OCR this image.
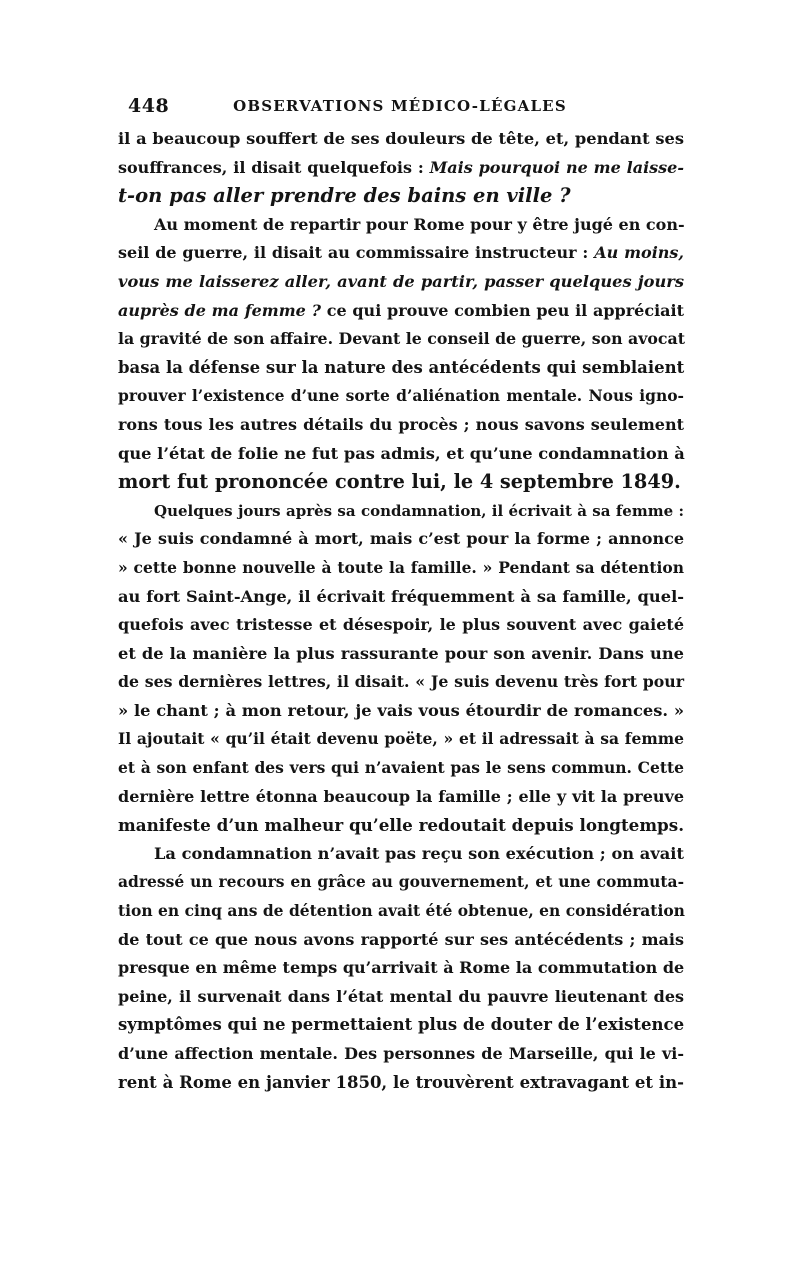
448	OBSERVATIONS MÉDICO-LÉGALES
il a beaucoup souffert de ses douleurs de tête, et, pendant ses
souffrances, il disait quelquefois : Mais pourquoi ne me laisse-
t-on pas aller prendre des bains en ville ?
Au moment de repartir pour Rome pour y être jugé en con-
seil de guerre, il disait au commissaire instructeur : Au moins,
vous me laisserez aller, avant de partir, passer quelques jours
auprès de ma femme ? ce qui prouve combien peu il appréciait
la gravité de son affaire. Devant le conseil de guerre, son avocat
basa la défense sur la nature des antécédents qui semblaient
prouver l’existence d’une sorte d’aliénation mentale. Nous igno-
rons tous les autres détails du procès ; nous savons seulement
que l’état de folie ne fut pas admis, et qu’une condamnation à
mort fut prononcée contre lui, le 4 septembre 1849.
Quelques jours après sa condamnation, il écrivait à sa femme :
« Je suis condamné à mort, mais c’est pour la forme ; annonce
» cette bonne nouvelle à toute la famille. » Pendant sa détention
au fort Saint-Ange, il écrivait fréquemment à sa famille, quel-
quefois avec tristesse et désespoir, le plus souvent avec gaieté
et de la manière la plus rassurante pour son avenir. Dans une
de ses dernières lettres, il disait. « Je suis devenu très fort pour
» le chant ; à mon retour, je vais vous étourdir de romances. »
Il ajoutait « qu’il était devenu poëte, » et il adressait à sa femme
et à son enfant des vers qui n’avaient pas le sens commun. Cette
dernière lettre étonna beaucoup la famille ; elle y vit la preuve
manifeste d’un malheur qu’elle redoutait depuis longtemps.
La condamnation n’avait pas reçu son exécution ; on avait
adressé un recours en grâce au gouvernement, et une commuta-
tion en cinq ans de détention avait été obtenue, en considération
de tout ce que nous avons rapporté sur ses antécédents ; mais
presque en même temps qu’arrivait à Rome la commutation de
peine, il survenait dans l’état mental du pauvre lieutenant des
symptômes qui ne permettaient plus de douter de l’existence
d’une affection mentale. Des personnes de Marseille, qui le vi-
rent à Rome en janvier 1850, le trouvèrent extravagant et in-
